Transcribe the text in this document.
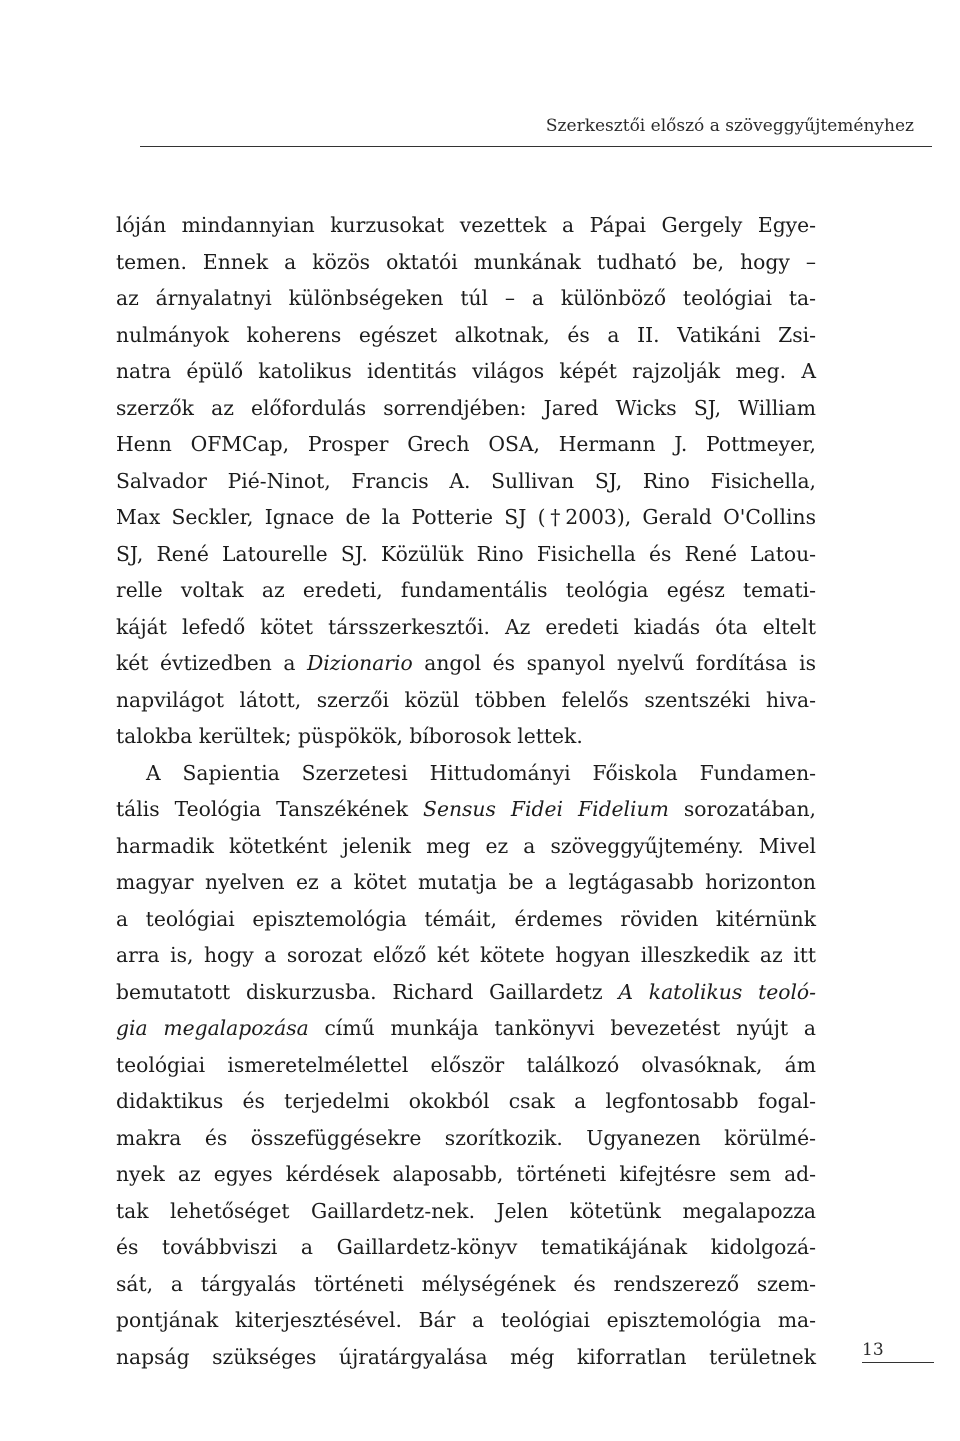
Szerkesztői előszó a szöveggyűjteményhez
lóján mindannyian kurzusokat vezettek a Pápai Gergely Egye-
temen. Ennek a közös oktatói munkának tudható be, hogy –
az árnyalatnyi különbségeken túl – a különböző teológiai ta-
nulmányok koherens egészet alkotnak, és a II. Vatikáni Zsi-
natra épülő katolikus identitás világos képét rajzolják meg. A
szerzők az előfordulás sorrendjében: Jared Wicks SJ, William
Henn OFMCap, Prosper Grech OSA, Hermann J. Pottmeyer,
Salvador Pié-Ninot, Francis A. Sullivan SJ, Rino Fisichella,
Max Seckler, Ignace de la Potterie SJ (†2003), Gerald O'Collins
SJ, René Latourelle SJ. Közülük Rino Fisichella és René Latou-
relle voltak az eredeti, fundamentális teológia egész temati-
káját lefedő kötet társszerkesztői. Az eredeti kiadás óta eltelt
két évtizedben a Dizionario angol és spanyol nyelvű fordítása is
napvilágot látott, szerzői közül többen felelős szentszéki hiva-
talokba kerültek; püspökök, bíborosok lettek.
A Sapientia Szerzetesi Hittudományi Főiskola Fundamen-
tális Teológia Tanszékének Sensus Fidei Fidelium sorozatában,
harmadik kötetként jelenik meg ez a szöveggyűjtemény. Mivel
magyar nyelven ez a kötet mutatja be a legtágasabb horizonton
a teológiai episztemológia témáit, érdemes röviden kitérnünk
arra is, hogy a sorozat előző két kötete hogyan illeszkedik az itt
bemutatott diskurzusba. Richard Gaillardetz A katolikus teoló-
gia megalapozása című munkája tankönyvi bevezetést nyújt a
teológiai ismeretelmélettel először találkozó olvasóknak, ám
didaktikus és terjedelmi okokból csak a legfontosabb fogal-
makra és összefüggésekre szorítkozik. Ugyanezen körülmé-
nyek az egyes kérdések alaposabb, történeti kifejtésre sem ad-
tak lehetőséget Gaillardetz-nek. Jelen kötetünk megalapozza
és továbbviszi a Gaillardetz-könyv tematikájának kidolgozá-
sát, a tárgyalás történeti mélységének és rendszerező szem-
pontjának kiterjesztésével. Bár a teológiai episztemológia ma-
napság szükséges újratárgyalása még kiforratlan területnek	13
